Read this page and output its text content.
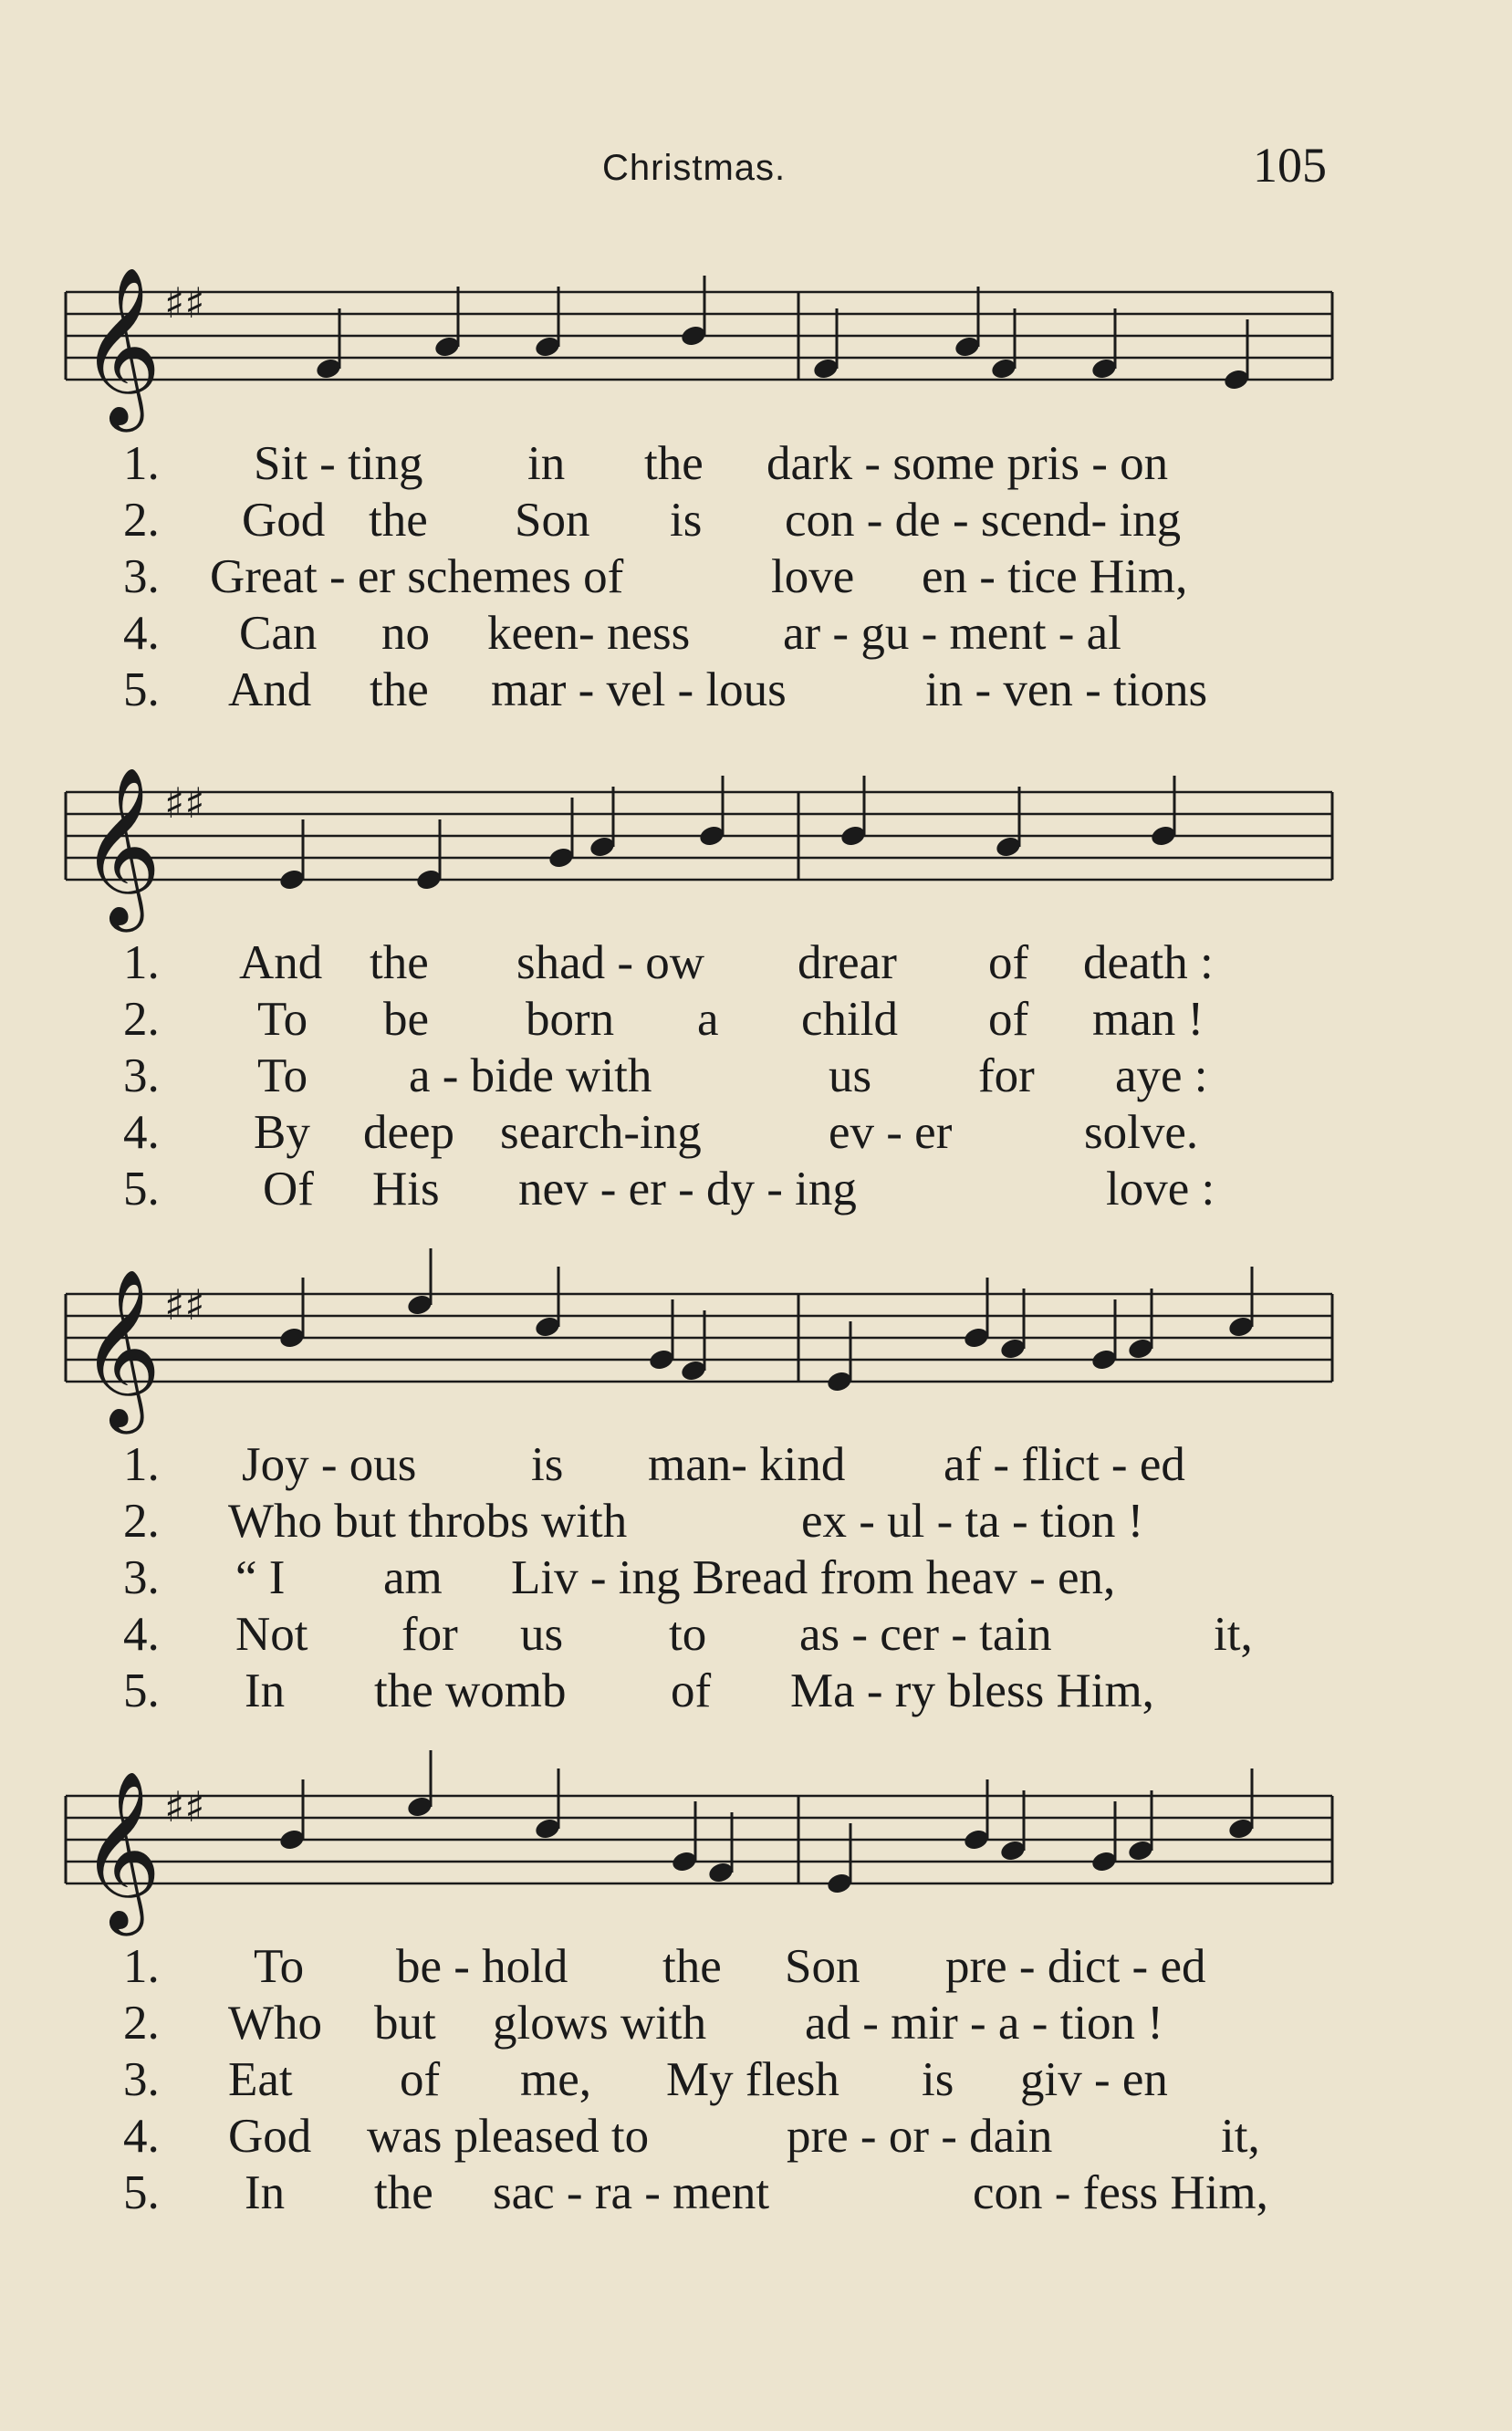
Christmas.	105
𝄞 ♯♯
1. Sit - ting in the dark - some pris - on
2. God the Son is con - de - scend- ing
3. Great - er schemes of	love en - tice Him,
4. Can no keen- ness ar - gu - ment - al
5. And the mar - vel - lous	in - ven - tions
𝄞 ♯♯
1. And the shad - ow drear of death :
2. To be born a child of man !
3. To a - bide with	us for aye :
4. By deep search-ing	ev - er	solve.
5. Of His nev - er - dy - ing	love :
𝄞 ♯♯
1. Joy - ous is man- kind af - flict - ed
2. Who but throbs with	ex - ul - ta - tion !
3. “ I am Liv - ing Bread from heav - en,
4. Not for us to as - cer - tain	it,
5. In the womb of Ma - ry bless Him,
𝄞 ♯♯
1. To be - hold the Son pre - dict - ed
2. Who but glows with ad - mir - a - tion !
3. Eat of me, My flesh is giv - en
4. God was pleased to	pre - or - dain	it,
5. In the sac - ra - ment	con - fess Him,
